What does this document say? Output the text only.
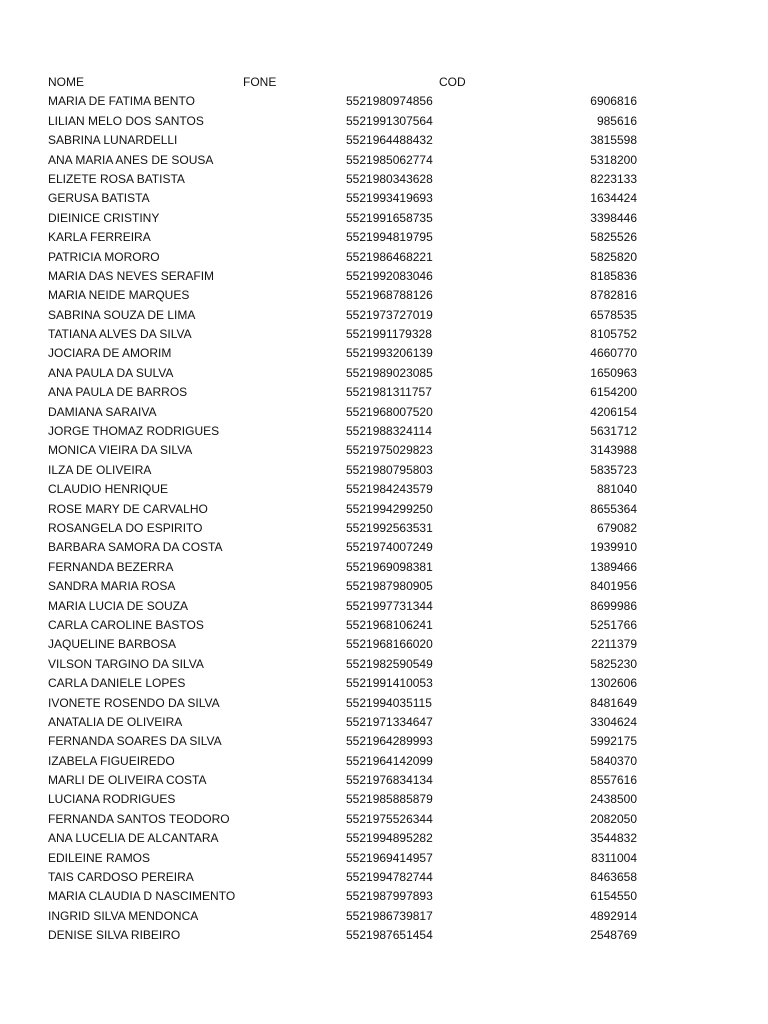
NOME	FONE	COD
MARIA DE FATIMA BENTO	5521980974856	6906816
LILIAN MELO DOS SANTOS	5521991307564	985616
SABRINA LUNARDELLI	5521964488432	3815598
ANA MARIA ANES DE SOUSA	5521985062774	5318200
ELIZETE ROSA BATISTA	5521980343628	8223133
GERUSA BATISTA	5521993419693	1634424
DIEINICE CRISTINY	5521991658735	3398446
KARLA FERREIRA	5521994819795	5825526
PATRICIA MORORO	5521986468221	5825820
MARIA DAS NEVES SERAFIM	5521992083046	8185836
MARIA NEIDE MARQUES	5521968788126	8782816
SABRINA SOUZA DE LIMA	5521973727019	6578535
TATIANA ALVES DA SILVA	5521991179328	8105752
JOCIARA DE AMORIM	5521993206139	4660770
ANA PAULA DA SULVA	5521989023085	1650963
ANA PAULA DE BARROS	5521981311757	6154200
DAMIANA SARAIVA	5521968007520	4206154
JORGE THOMAZ RODRIGUES	5521988324114	5631712
MONICA VIEIRA DA SILVA	5521975029823	3143988
ILZA DE OLIVEIRA	5521980795803	5835723
CLAUDIO HENRIQUE	5521984243579	881040
ROSE MARY DE CARVALHO	5521994299250	8655364
ROSANGELA DO ESPIRITO	5521992563531	679082
BARBARA SAMORA DA COSTA	5521974007249	1939910
FERNANDA BEZERRA	5521969098381	1389466
SANDRA MARIA ROSA	5521987980905	8401956
MARIA LUCIA DE SOUZA	5521997731344	8699986
CARLA CAROLINE BASTOS	5521968106241	5251766
JAQUELINE BARBOSA	5521968166020	2211379
VILSON TARGINO DA SILVA	5521982590549	5825230
CARLA DANIELE LOPES	5521991410053	1302606
IVONETE ROSENDO DA SILVA	5521994035115	8481649
ANATALIA DE OLIVEIRA	5521971334647	3304624
FERNANDA SOARES DA SILVA	5521964289993	5992175
IZABELA FIGUEIREDO	5521964142099	5840370
MARLI DE OLIVEIRA COSTA	5521976834134	8557616
LUCIANA RODRIGUES	5521985885879	2438500
FERNANDA SANTOS TEODORO	5521975526344	2082050
ANA LUCELIA DE ALCANTARA	5521994895282	3544832
EDILEINE RAMOS	5521969414957	8311004
TAIS CARDOSO PEREIRA	5521994782744	8463658
MARIA CLAUDIA D NASCIMENTO	5521987997893	6154550
INGRID SILVA MENDONCA	5521986739817	4892914
DENISE SILVA RIBEIRO	5521987651454	2548769
